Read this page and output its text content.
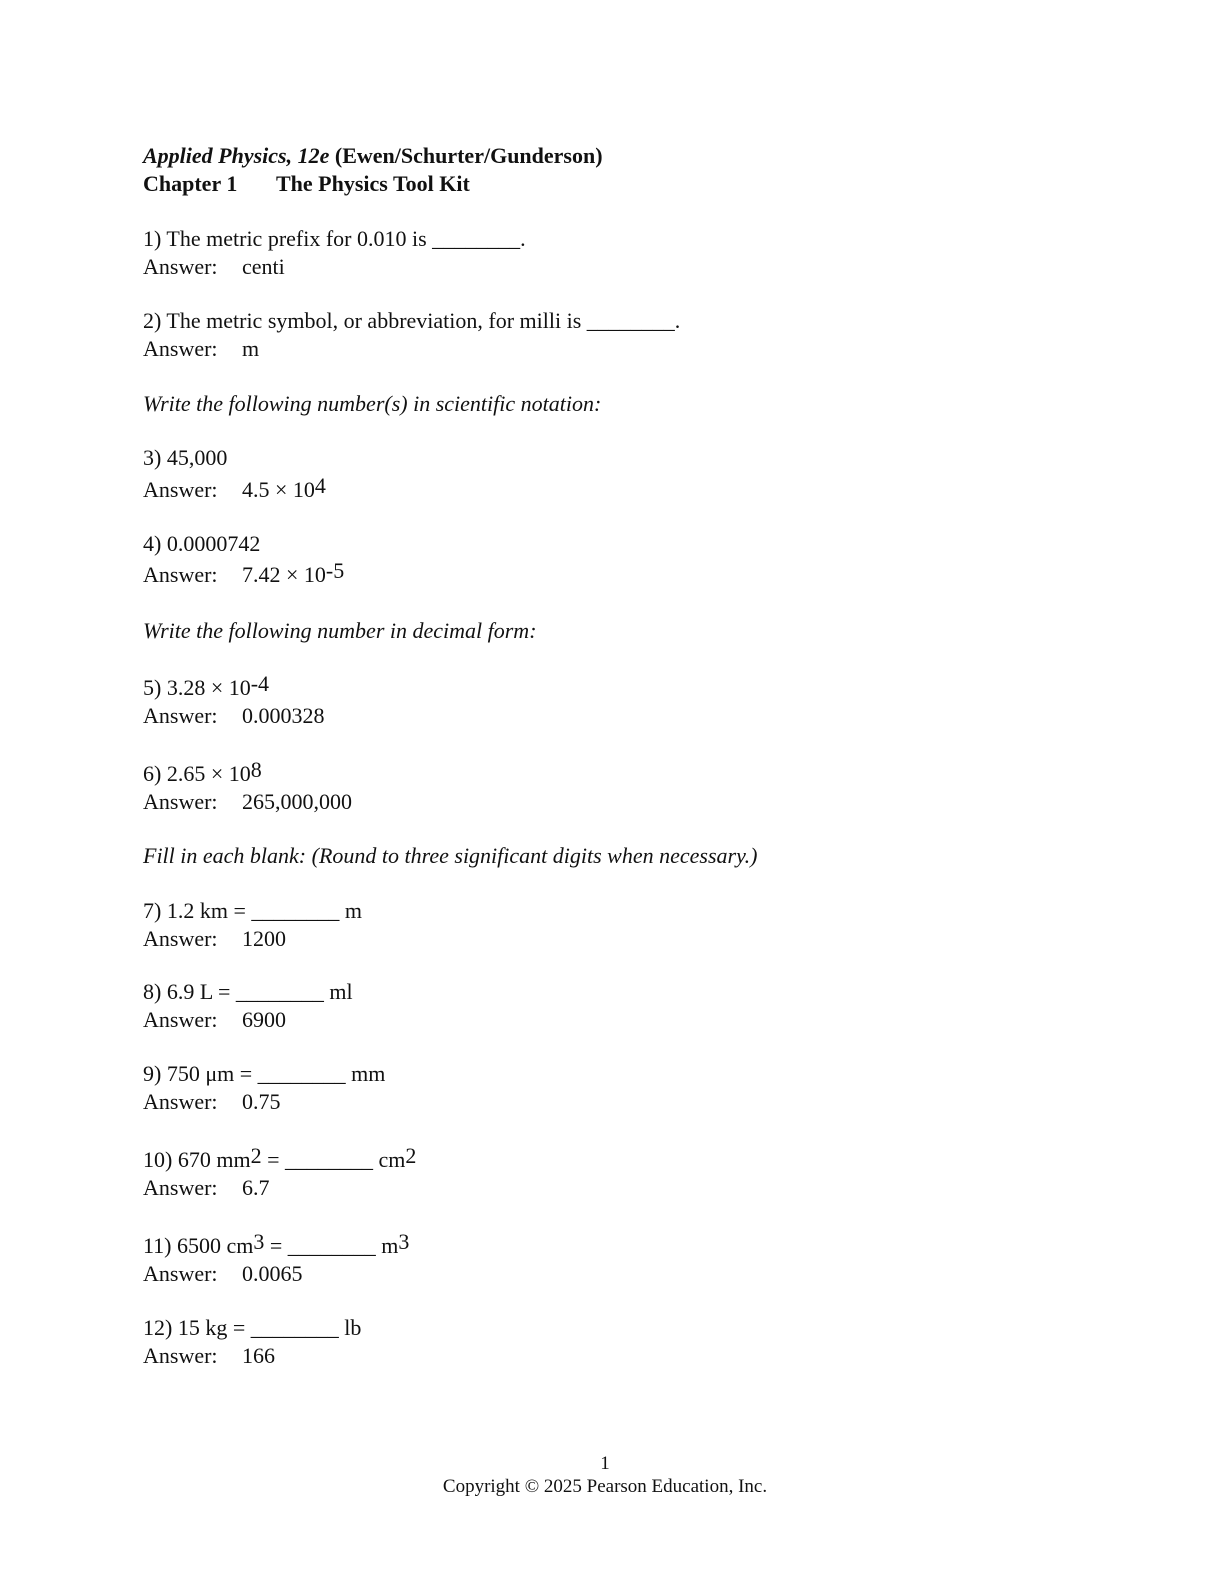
Applied Physics, 12e (Ewen/Schurter/Gunderson)
Chapter 1	The Physics Tool Kit
1) The metric prefix for 0.010 is ________.
Answer: centi
2) The metric symbol, or abbreviation, for milli is ________.
Answer: m
Write the following number(s) in scientific notation:
3) 45,000
Answer: $4.5 \times 10^4$
4) 0.0000742
Answer: $7.42 \times 10^{-5}$
Write the following number in decimal form:
5) $3.28 \times 10^{-4}$
Answer: 0.000328
6) $2.65 \times 10^8$
Answer: 265,000,000
Fill in each blank: (Round to three significant digits when necessary.)
7) 1.2 km = ________ m
Answer: 1200
8) 6.9 L = ________ ml
Answer: 6900
9) 750 μm = ________ mm
Answer: 0.75
10) 670 $mm^2$ = ________ $cm^2$
Answer: 6.7
11) 6500 $cm^3$ = ________ $m^3$
Answer: 0.0065
12) 15 kg = ________ lb
Answer: 166
1
Copyright © 2025 Pearson Education, Inc.
